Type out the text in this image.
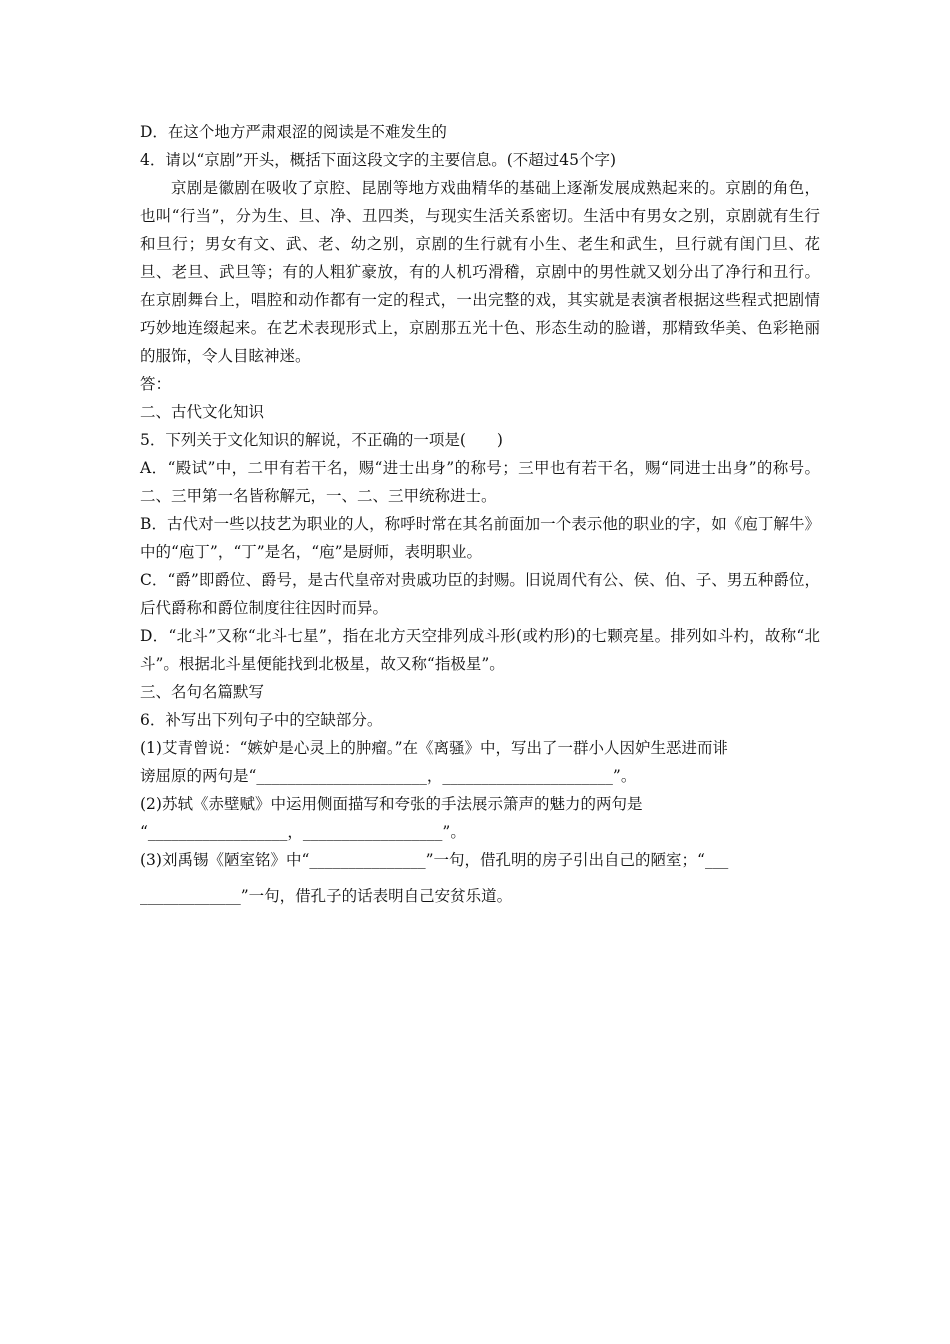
D．在这个地方严肃艰涩的阅读是不难发生的
4．请以“京剧”开头，概括下面这段文字的主要信息。(不超过45个字)
京剧是徽剧在吸收了京腔、昆剧等地方戏曲精华的基础上逐渐发展成熟起来的。京剧的角色，也叫“行当”，分为生、旦、净、丑四类，与现实生活关系密切。生活中有男女之别，京剧就有生行和旦行；男女有文、武、老、幼之别，京剧的生行就有小生、老生和武生，旦行就有闺门旦、花旦、老旦、武旦等；有的人粗犷豪放，有的人机巧滑稽，京剧中的男性就又划分出了净行和丑行。在京剧舞台上，唱腔和动作都有一定的程式，一出完整的戏，其实就是表演者根据这些程式把剧情巧妙地连缀起来。在艺术表现形式上，京剧那五光十色、形态生动的脸谱，那精致华美、色彩艳丽的服饰，令人目眩神迷。
答：
二、古代文化知识
5．下列关于文化知识的解说，不正确的一项是(　　)
A．“殿试”中，二甲有若干名，赐“进士出身”的称号；三甲也有若干名，赐“同进士出身”的称号。二、三甲第一名皆称解元，一、二、三甲统称进士。
B．古代对一些以技艺为职业的人，称呼时常在其名前面加一个表示他的职业的字，如《庖丁解牛》中的“庖丁”，“丁”是名，“庖”是厨师，表明职业。
C．“爵”即爵位、爵号，是古代皇帝对贵戚功臣的封赐。旧说周代有公、侯、伯、子、男五种爵位，后代爵称和爵位制度往往因时而异。
D．“北斗”又称“北斗七星”，指在北方天空排列成斗形(或杓形)的七颗亮星。排列如斗杓，故称“北斗”。根据北斗星便能找到北极星，故又称“指极星”。
三、名句名篇默写
6．补写出下列句子中的空缺部分。
(1)艾青曾说：“嫉妒是心灵上的肿瘤。”在《离骚》中，写出了一群小人因妒生恶进而诽
谤屈原的两句是“______________________，______________________”。
(2)苏轼《赤壁赋》中运用侧面描写和夸张的手法展示箫声的魅力的两句是
“__________________，__________________”。
(3)刘禹锡《陋室铭》中“_______________”一句，借孔明的房子引出自己的陋室；“___
_____________”一句，借孔子的话表明自己安贫乐道。
